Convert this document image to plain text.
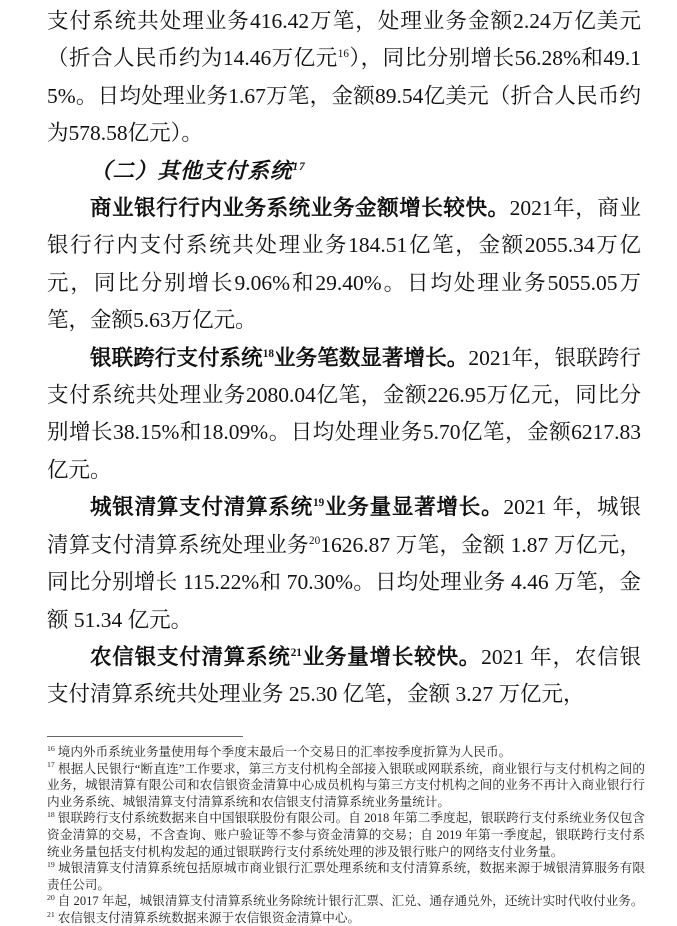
支付系统共处理业务416.42万笔，处理业务金额2.24万亿美元（折合人民币约为14.46万亿元$^{16}$），同比分别增长56.28%和49.15%。日均处理业务1.67万笔，金额89.54亿美元（折合人民币约为578.58亿元）。

（二）其他支付系统$^{17}$

商业银行行内业务系统业务金额增长较快。2021年，商业银行行内支付系统共处理业务184.51亿笔，金额2055.34万亿元，同比分别增长9.06%和29.40%。日均处理业务5055.05万笔，金额5.63万亿元。

银联跨行支付系统$^{18}$业务笔数显著增长。2021年，银联跨行支付系统共处理业务2080.04亿笔，金额226.95万亿元，同比分别增长38.15%和18.09%。日均处理业务5.70亿笔，金额6217.83亿元。

城银清算支付清算系统$^{19}$业务量显著增长。2021 年，城银清算支付清算系统处理业务$^{20}$1626.87 万笔，金额 1.87 万亿元，同比分别增长 115.22%和 70.30%。日均处理业务 4.46 万笔，金额 51.34 亿元。

农信银支付清算系统$^{21}$业务量增长较快。2021 年，农信银支付清算系统共处理业务 25.30 亿笔，金额 3.27 万亿元，

$^{16}$ 境内外币系统业务量使用每个季度末最后一个交易日的汇率按季度折算为人民币。
$^{17}$ 根据人民银行“断直连”工作要求，第三方支付机构全部接入银联或网联系统，商业银行与支付机构之间的业务，城银清算有限公司和农信银资金清算中心成员机构与第三方支付机构之间的业务不再计入商业银行行内业务系统、城银清算支付清算系统和农信银支付清算系统业务量统计。
$^{18}$ 银联跨行支付系统数据来自中国银联股份有限公司。自 2018 年第二季度起，银联跨行支付系统业务仅包含资金清算的交易，不含查询、账户验证等不参与资金清算的交易；自 2019 年第一季度起，银联跨行支付系统业务量包括支付机构发起的通过银联跨行支付系统处理的涉及银行账户的网络支付业务量。
$^{19}$ 城银清算支付清算系统包括原城市商业银行汇票处理系统和支付清算系统，数据来源于城银清算服务有限责任公司。
$^{20}$ 自 2017 年起，城银清算支付清算系统业务除统计银行汇票、汇兑、通存通兑外，还统计实时代收付业务。
$^{21}$ 农信银支付清算系统数据来源于农信银资金清算中心。
